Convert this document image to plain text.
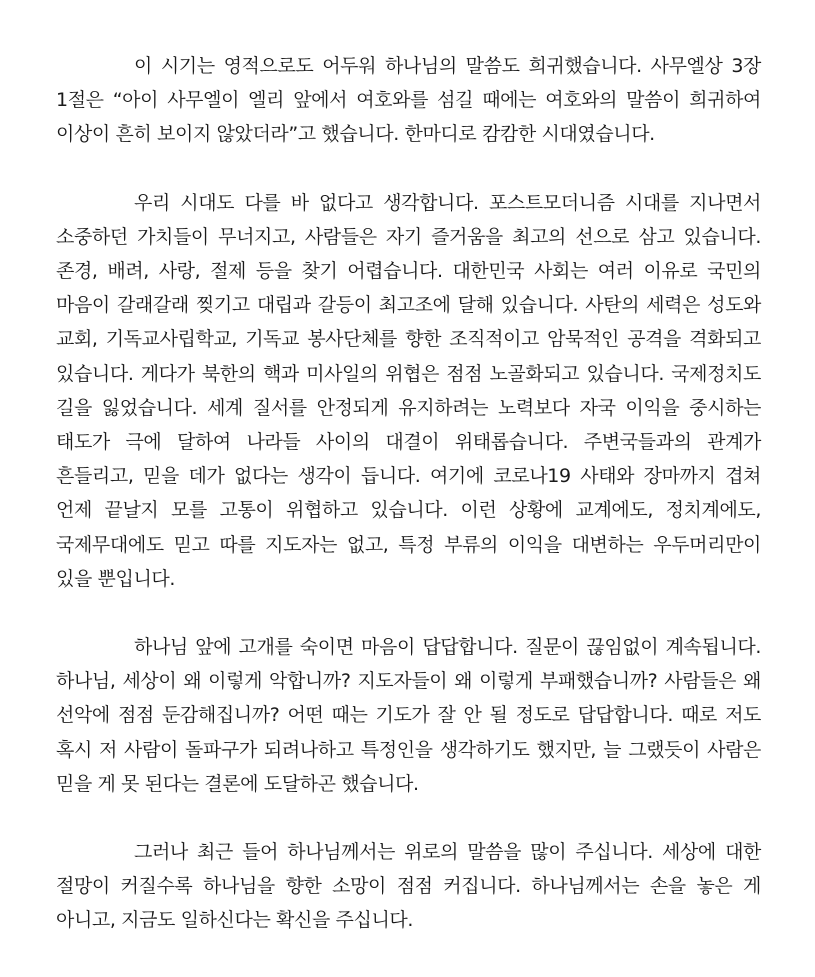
이 시기는 영적으로도 어두워 하나님의 말씀도 희귀했습니다. 사무엘상 3장 1절은 “아이 사무엘이 엘리 앞에서 여호와를 섬길 때에는 여호와의 말씀이 희귀하여 이상이 흔히 보이지 않았더라”고 했습니다. 한마디로 캄캄한 시대였습니다.

우리 시대도 다를 바 없다고 생각합니다. 포스트모더니즘 시대를 지나면서 소중하던 가치들이 무너지고, 사람들은 자기 즐거움을 최고의 선으로 삼고 있습니다. 존경, 배려, 사랑, 절제 등을 찾기 어렵습니다. 대한민국 사회는 여러 이유로 국민의 마음이 갈래갈래 찢기고 대립과 갈등이 최고조에 달해 있습니다. 사탄의 세력은 성도와 교회, 기독교사립학교, 기독교 봉사단체를 향한 조직적이고 암묵적인 공격을 격화되고 있습니다. 게다가 북한의 핵과 미사일의 위협은 점점 노골화되고 있습니다. 국제정치도 길을 잃었습니다. 세계 질서를 안정되게 유지하려는 노력보다 자국 이익을 중시하는 태도가 극에 달하여 나라들 사이의 대결이 위태롭습니다. 주변국들과의 관계가 흔들리고, 믿을 데가 없다는 생각이 듭니다. 여기에 코로나19 사태와 장마까지 겹쳐 언제 끝날지 모를 고통이 위협하고 있습니다. 이런 상황에 교계에도, 정치계에도, 국제무대에도 믿고 따를 지도자는 없고, 특정 부류의 이익을 대변하는 우두머리만이 있을 뿐입니다.

하나님 앞에 고개를 숙이면 마음이 답답합니다. 질문이 끊임없이 계속됩니다. 하나님, 세상이 왜 이렇게 악합니까? 지도자들이 왜 이렇게 부패했습니까? 사람들은 왜 선악에 점점 둔감해집니까? 어떤 때는 기도가 잘 안 될 정도로 답답합니다. 때로 저도 혹시 저 사람이 돌파구가 되려나하고 특정인을 생각하기도 했지만, 늘 그랬듯이 사람은 믿을 게 못 된다는 결론에 도달하곤 했습니다.

그러나 최근 들어 하나님께서는 위로의 말씀을 많이 주십니다. 세상에 대한 절망이 커질수록 하나님을 향한 소망이 점점 커집니다. 하나님께서는 손을 놓은 게 아니고, 지금도 일하신다는 확신을 주십니다.
